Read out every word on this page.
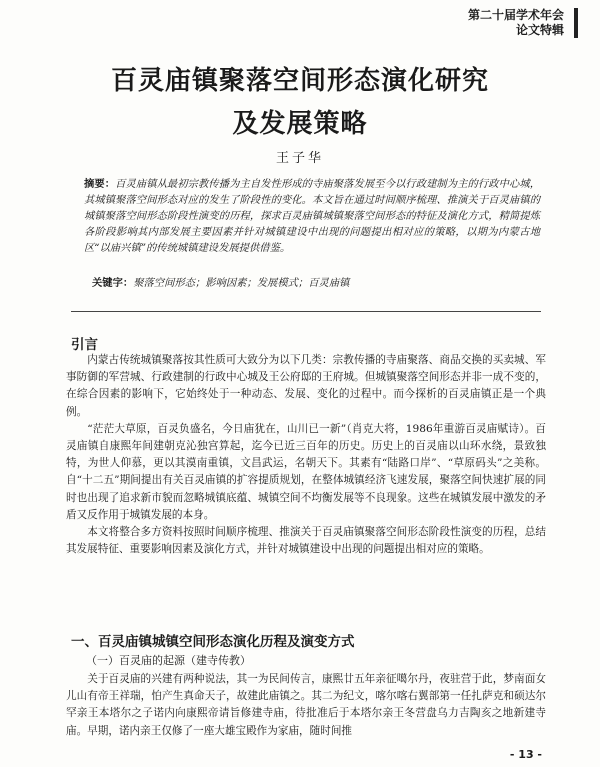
第二十届学术年会
论文特辑
百灵庙镇聚落空间形态演化研究
及发展策略
王子华
摘要：百灵庙镇从最初宗教传播为主自发性形成的寺庙聚落发展至今以行政建制为主的行政中心城，其城镇聚落空间形态对应的发生了阶段性的变化。本文旨在通过时间顺序梳理、推演关于百灵庙镇的城镇聚落空间形态阶段性演变的历程，探求百灵庙镇城镇聚落空间形态的特征及演化方式，精简提炼各阶段影响其内部发展主要因素并针对城镇建设中出现的问题提出相对应的策略，以期为内蒙古地区“以庙兴镇”的传统城镇建设发展提供借鉴。
关键字：聚落空间形态；影响因素；发展模式；百灵庙镇
引言

内蒙古传统城镇聚落按其性质可大致分为以下几类：宗教传播的寺庙聚落、商品交换的买卖城、军事防御的军营城、行政建制的行政中心城及王公府邸的王府城。但城镇聚落空间形态并非一成不变的，在综合因素的影响下，它始终处于一种动态、发展、变化的过程中。而今探析的百灵庙镇正是一个典例。

“茫茫大草原，百灵负盛名，今日庙犹在，山川已一新”（肖克大将，1986年重游百灵庙赋诗）。百灵庙镇自康熙年间建朝克沁独宫算起，迄今已近三百年的历史。历史上的百灵庙以山环水绕，景致独特，为世人仰慕，更以其漠南重镇，文昌武运，名朝天下。其素有“陆路口岸”、“草原码头”之美称。自“十二五”期间提出有关百灵庙镇的扩容提质规划，在整体城镇经济飞速发展，聚落空间快速扩展的同时也出现了追求新市貌而忽略城镇底蕴、城镇空间不均衡发展等不良现象。这些在城镇发展中激发的矛盾又反作用于城镇发展的本身。

本文将整合多方资料按照时间顺序梳理、推演关于百灵庙镇聚落空间形态阶段性演变的历程，总结其发展特征、重要影响因素及演化方式，并针对城镇建设中出现的问题提出相对应的策略。

一、百灵庙镇城镇空间形态演化历程及演变方式
（一）百灵庙的起源（建寺传教）

关于百灵庙的兴建有两种说法，其一为民间传言，康熙廿五年亲征噶尔丹，夜驻营于此，梦南面女儿山有帝王祥瑞，怕产生真命天子，故建此庙镇之。其二为纪文，喀尔喀右翼部第一任扎萨克和硕达尔罕亲王本塔尔之子诺内向康熙帝请旨修建寺庙，待批准后于本塔尔亲王冬营盘乌力吉陶亥之地新建寺庙。早期，诺内亲王仅修了一座大雄宝殿作为家庙，随时间推

- 13 -
